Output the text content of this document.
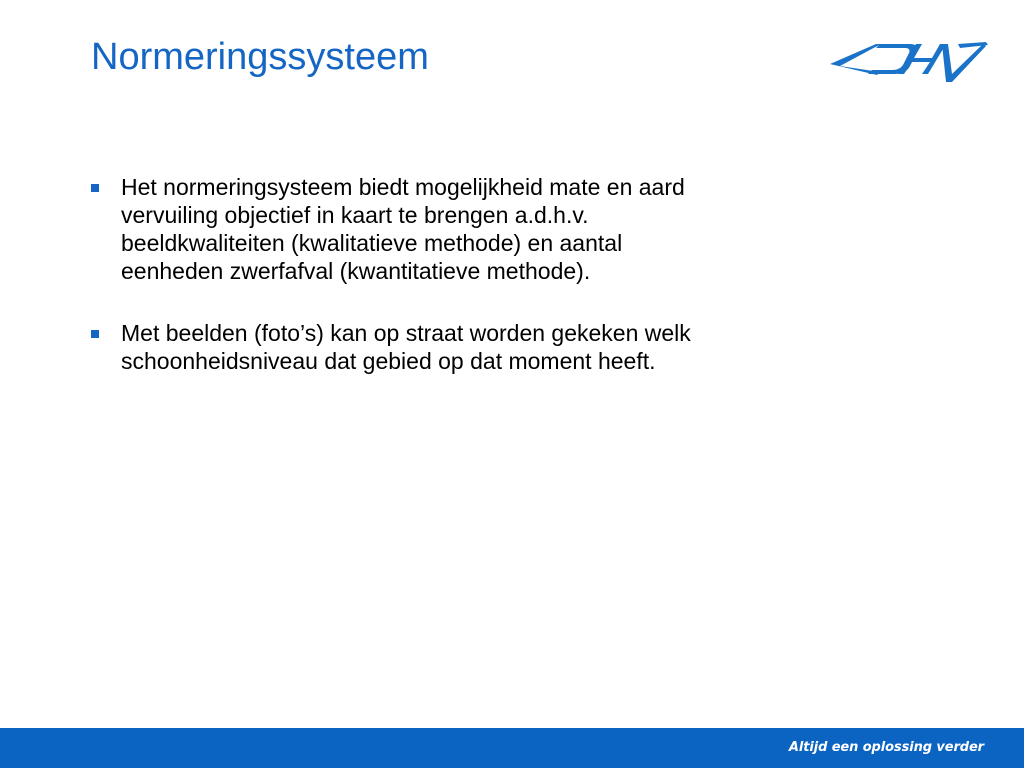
Normeringssysteem
Het normeringsysteem biedt mogelijkheid mate en aard vervuiling objectief in kaart te brengen a.d.h.v. beeldkwaliteiten (kwalitatieve methode) en aantal eenheden zwerfafval (kwantitatieve methode).
Met beelden (foto’s) kan op straat worden gekeken welk schoonheidsniveau dat gebied op dat moment heeft.
Altijd een oplossing verder
